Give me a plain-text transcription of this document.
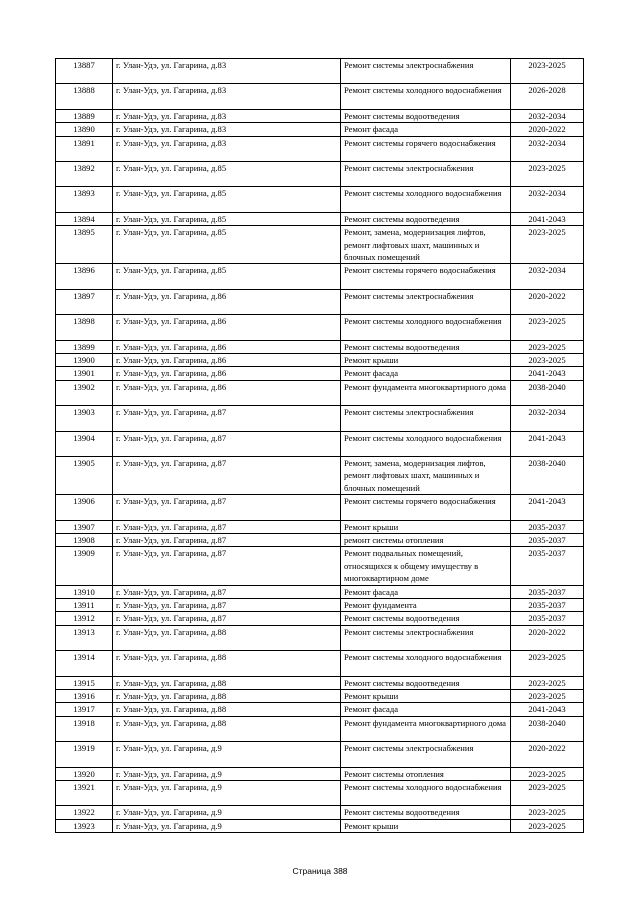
13887	г. Улан-Удэ, ул. Гагарина, д.83	Ремонт системы электроснабжения	2023-2025
13888	г. Улан-Удэ, ул. Гагарина, д.83	Ремонт системы холодного водоснабжения	2026-2028
13889	г. Улан-Удэ, ул. Гагарина, д.83	Ремонт системы водоотведения	2032-2034
13890	г. Улан-Удэ, ул. Гагарина, д.83	Ремонт фасада	2020-2022
13891	г. Улан-Удэ, ул. Гагарина, д.83	Ремонт системы горячего водоснабжения	2032-2034
13892	г. Улан-Удэ, ул. Гагарина, д.85	Ремонт системы электроснабжения	2023-2025
13893	г. Улан-Удэ, ул. Гагарина, д.85	Ремонт системы холодного водоснабжения	2032-2034
13894	г. Улан-Удэ, ул. Гагарина, д.85	Ремонт системы водоотведения	2041-2043
13895	г. Улан-Удэ, ул. Гагарина, д.85	Ремонт, замена, модернизация лифтов, ремонт лифтовых шахт, машинных и блочных помещений	2023-2025
13896	г. Улан-Удэ, ул. Гагарина, д.85	Ремонт системы горячего водоснабжения	2032-2034
13897	г. Улан-Удэ, ул. Гагарина, д.86	Ремонт системы электроснабжения	2020-2022
13898	г. Улан-Удэ, ул. Гагарина, д.86	Ремонт системы холодного водоснабжения	2023-2025
13899	г. Улан-Удэ, ул. Гагарина, д.86	Ремонт системы водоотведения	2023-2025
13900	г. Улан-Удэ, ул. Гагарина, д.86	Ремонт крыши	2023-2025
13901	г. Улан-Удэ, ул. Гагарина, д.86	Ремонт фасада	2041-2043
13902	г. Улан-Удэ, ул. Гагарина, д.86	Ремонт фундамента многоквартирного дома	2038-2040
13903	г. Улан-Удэ, ул. Гагарина, д.87	Ремонт системы электроснабжения	2032-2034
13904	г. Улан-Удэ, ул. Гагарина, д.87	Ремонт системы холодного водоснабжения	2041-2043
13905	г. Улан-Удэ, ул. Гагарина, д.87	Ремонт, замена, модернизация лифтов, ремонт лифтовых шахт, машинных и блочных помещений	2038-2040
13906	г. Улан-Удэ, ул. Гагарина, д.87	Ремонт системы горячего водоснабжения	2041-2043
13907	г. Улан-Удэ, ул. Гагарина, д.87	Ремонт крыши	2035-2037
13908	г. Улан-Удэ, ул. Гагарина, д.87	ремонт системы отопления	2035-2037
13909	г. Улан-Удэ, ул. Гагарина, д.87	Ремонт подвальных помещений, относящихся к общему имуществу в многоквартирном доме	2035-2037
13910	г. Улан-Удэ, ул. Гагарина, д.87	Ремонт фасада	2035-2037
13911	г. Улан-Удэ, ул. Гагарина, д.87	Ремонт фундамента	2035-2037
13912	г. Улан-Удэ, ул. Гагарина, д.87	Ремонт системы водоотведения	2035-2037
13913	г. Улан-Удэ, ул. Гагарина, д.88	Ремонт системы электроснабжения	2020-2022
13914	г. Улан-Удэ, ул. Гагарина, д.88	Ремонт системы холодного водоснабжения	2023-2025
13915	г. Улан-Удэ, ул. Гагарина, д.88	Ремонт системы водоотведения	2023-2025
13916	г. Улан-Удэ, ул. Гагарина, д.88	Ремонт крыши	2023-2025
13917	г. Улан-Удэ, ул. Гагарина, д.88	Ремонт фасада	2041-2043
13918	г. Улан-Удэ, ул. Гагарина, д.88	Ремонт фундамента многоквартирного дома	2038-2040
13919	г. Улан-Удэ, ул. Гагарина, д.9	Ремонт системы электроснабжения	2020-2022
13920	г. Улан-Удэ, ул. Гагарина, д.9	Ремонт системы отопления	2023-2025
13921	г. Улан-Удэ, ул. Гагарина, д.9	Ремонт системы холодного водоснабжения	2023-2025
13922	г. Улан-Удэ, ул. Гагарина, д.9	Ремонт системы водоотведения	2023-2025
13923	г. Улан-Удэ, ул. Гагарина, д.9	Ремонт крыши	2023-2025
Страница 388
